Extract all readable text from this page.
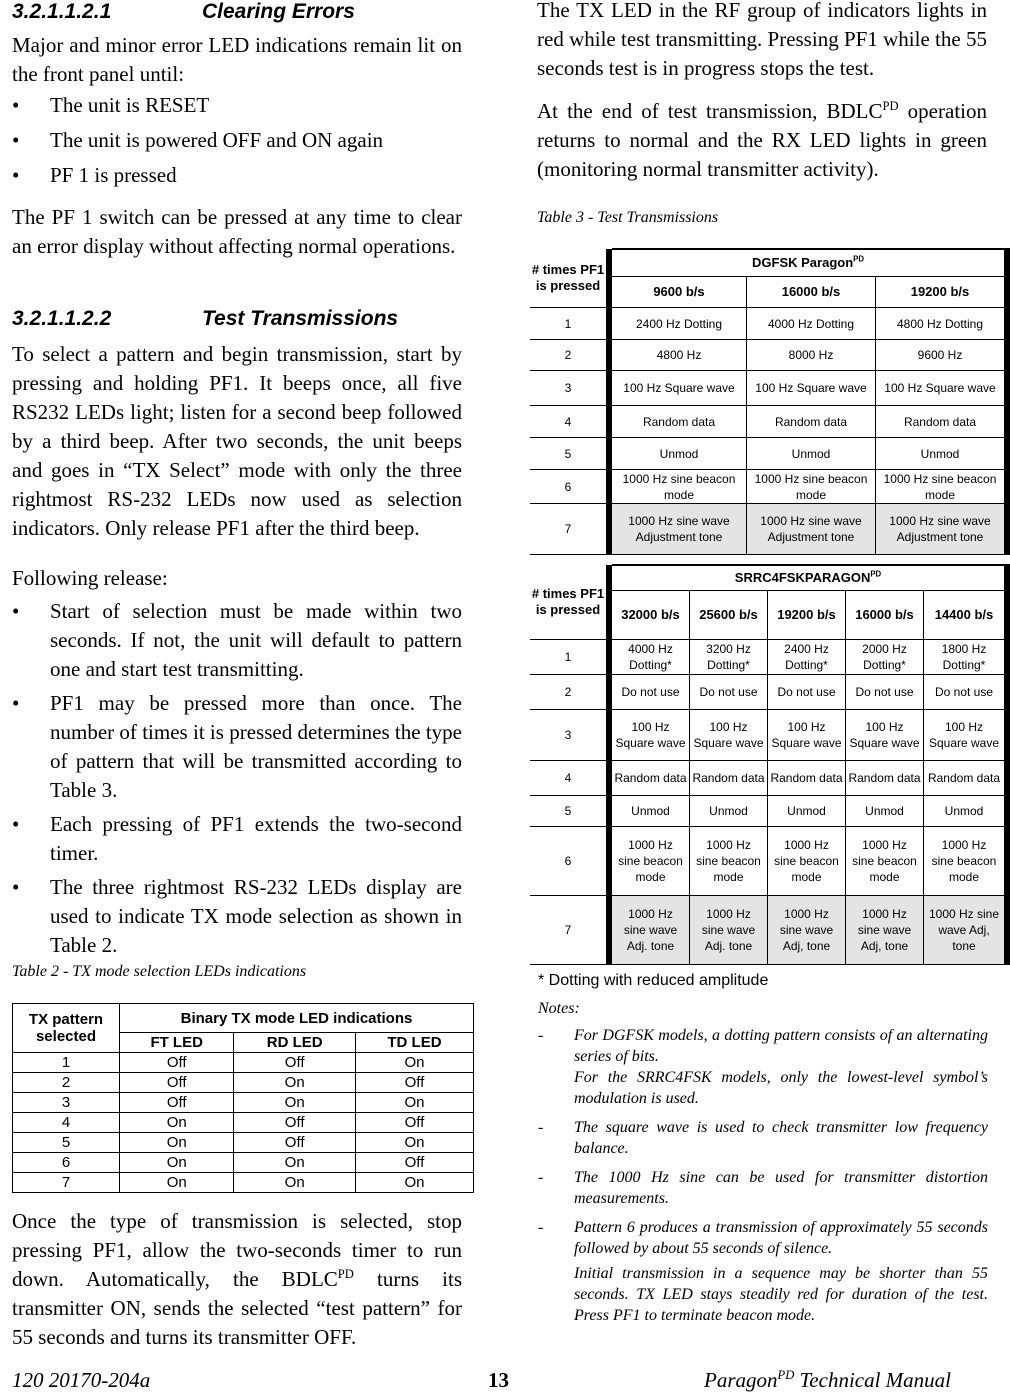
3.2.1.1.2.1	Clearing Errors

Major and minor error LED indications remain lit on the front panel until:

•	The unit is RESET
•	The unit is powered OFF and ON again
•	PF 1 is pressed

The PF 1 switch can be pressed at any time to clear an error display without affecting normal operations.

3.2.1.1.2.2	Test Transmissions

To select a pattern and begin transmission, start by pressing and holding PF1. It beeps once, all five RS232 LEDs light; listen for a second beep followed by a third beep. After two seconds, the unit beeps and goes in “TX Select” mode with only the three rightmost RS-232 LEDs now used as selection indicators. Only release PF1 after the third beep.

Following release:

•	Start of selection must be made within two seconds. If not, the unit will default to pattern one and start test transmitting.
•	PF1 may be pressed more than once. The number of times it is pressed determines the type of pattern that will be transmitted according to Table 3.
•	Each pressing of PF1 extends the two-second timer.
•	The three rightmost RS-232 LEDs display are used to indicate TX mode selection as shown in Table 2.
Table 2 - TX mode selection LEDs indications
TX pattern selected	Binary TX mode LED indications		
	FT LED	RD LED	TD LED
1	Off	Off	On
2	Off	On	Off
3	Off	On	On
4	On	Off	Off
5	On	Off	On
6	On	On	Off
7	On	On	On

Once the type of transmission is selected, stop pressing PF1, allow the two-seconds timer to run down. Automatically, the $BDLC^{PD}$ turns its transmitter ON, sends the selected “test pattern” for 55 seconds and turns its transmitter OFF.

The TX LED in the RF group of indicators lights in red while test transmitting. Pressing PF1 while the 55 seconds test is in progress stops the test.

At the end of test transmission, $BDLC^{PD}$ operation returns to normal and the RX LED lights in green (monitoring normal transmitter activity).

Table 3 - Test Transmissions
# times PF1 is pressed		DGFSK Paragon$^{PD}$
		9600 b/s	16000 b/s	19200 b/s
1		2400 Hz Dotting	4000 Hz Dotting	4800 Hz Dotting
2		4800 Hz	8000 Hz	9600 Hz
3		100 Hz Square wave	100 Hz Square wave	100 Hz Square wave
4		Random data	Random data	Random data
5		Unmod	Unmod	Unmod
6		1000 Hz sine beacon mode	1000 Hz sine beacon mode	1000 Hz sine beacon mode
7		1000 Hz sine wave Adjustment tone	1000 Hz sine wave Adjustment tone	1000 Hz sine wave Adjustment tone
# times PF1 is pressed		$SRRC4FSKPARAGON^{PD}$
		32000 b/s	25600 b/s	19200 b/s	16000 b/s	14400 b/s
1		4000 Hz Dotting*	3200 Hz Dotting*	2400 Hz Dotting*	2000 Hz Dotting*	1800 Hz Dotting*
2		Do not use	Do not use	Do not use	Do not use	Do not use
3		100 Hz Square wave	100 Hz Square wave	100 Hz Square wave	100 Hz Square wave	100 Hz Square wave
4		Random data	Random data	Random data	Random data	Random data
5		Unmod	Unmod	Unmod	Unmod	Unmod
6		1000 Hz sine beacon mode	1000 Hz sine beacon mode	1000 Hz sine beacon mode	1000 Hz sine beacon mode	1000 Hz sine beacon mode
7		1000 Hz sine wave Adj. tone	1000 Hz sine wave Adj. tone	1000 Hz sine wave Adj, tone	1000 Hz sine wave Adj, tone	1000 Hz sine wave Adj, tone
* Dotting with reduced amplitude
Notes:
-	For DGFSK models, a dotting pattern consists of an alternating series of bits.
For the SRRC4FSK models, only the lowest-level symbol’s modulation is used.
-	The square wave is used to check transmitter low frequency balance.
-	The 1000 Hz sine can be used for transmitter distortion measurements.
-	Pattern 6 produces a transmission of approximately 55 seconds followed by about 55 seconds of silence.
Initial transmission in a sequence may be shorter than 55 seconds. TX LED stays steadily red for duration of the test. Press PF1 to terminate beacon mode.
120 20170-204a	13	Paragon$^{PD}$ Technical Manual
